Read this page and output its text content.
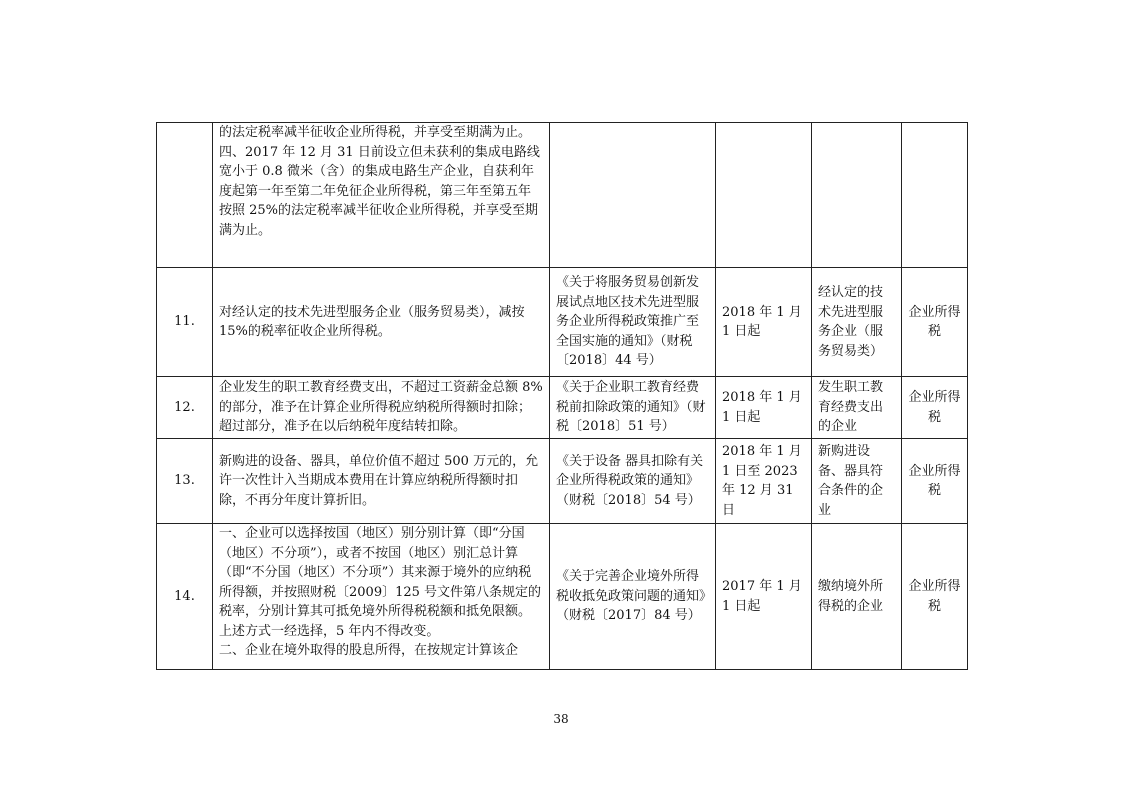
	的法定税率减半征收企业所得税，并享受至期满为止。
四、2017 年 12 月 31 日前设立但未获利的集成电路线宽小于 0.8 微米（含）的集成电路生产企业，自获利年度起第一年至第二年免征企业所得税，第三年至第五年按照 25%的法定税率减半征收企业所得税，并享受至期满为止。				

11.	对经认定的技术先进型服务企业（服务贸易类），减按 15%的税率征收企业所得税。	《关于将服务贸易创新发展试点地区技术先进型服务企业所得税政策推广至全国实施的通知》（财税〔2018〕44 号）	2018 年 1 月 1 日起	经认定的技术先进型服务企业（服务贸易类）	企业所得税
12.	企业发生的职工教育经费支出，不超过工资薪金总额 8%的部分，准予在计算企业所得税应纳税所得额时扣除；超过部分，准予在以后纳税年度结转扣除。	《关于企业职工教育经费税前扣除政策的通知》（财税〔2018〕51 号）	2018 年 1 月 1 日起	发生职工教育经费支出的企业	企业所得税
13.	新购进的设备、器具，单位价值不超过 500 万元的，允许一次性计入当期成本费用在计算应纳税所得额时扣除，不再分年度计算折旧。	《关于设备 器具扣除有关企业所得税政策的通知》（财税〔2018〕54 号）	2018 年 1 月 1 日至 2023 年 12 月 31 日	新购进设备、器具符合条件的企业	企业所得税
14.	一、企业可以选择按国（地区）别分别计算（即“分国（地区）不分项”），或者不按国（地区）别汇总计算（即“不分国（地区）不分项”）其来源于境外的应纳税所得额，并按照财税〔2009〕125 号文件第八条规定的税率，分别计算其可抵免境外所得税税额和抵免限额。上述方式一经选择，5 年内不得改变。
二、企业在境外取得的股息所得，在按规定计算该企	《关于完善企业境外所得税收抵免政策问题的通知》（财税〔2017〕84 号）	2017 年 1 月 1 日起	缴纳境外所得税的企业	企业所得税
38
